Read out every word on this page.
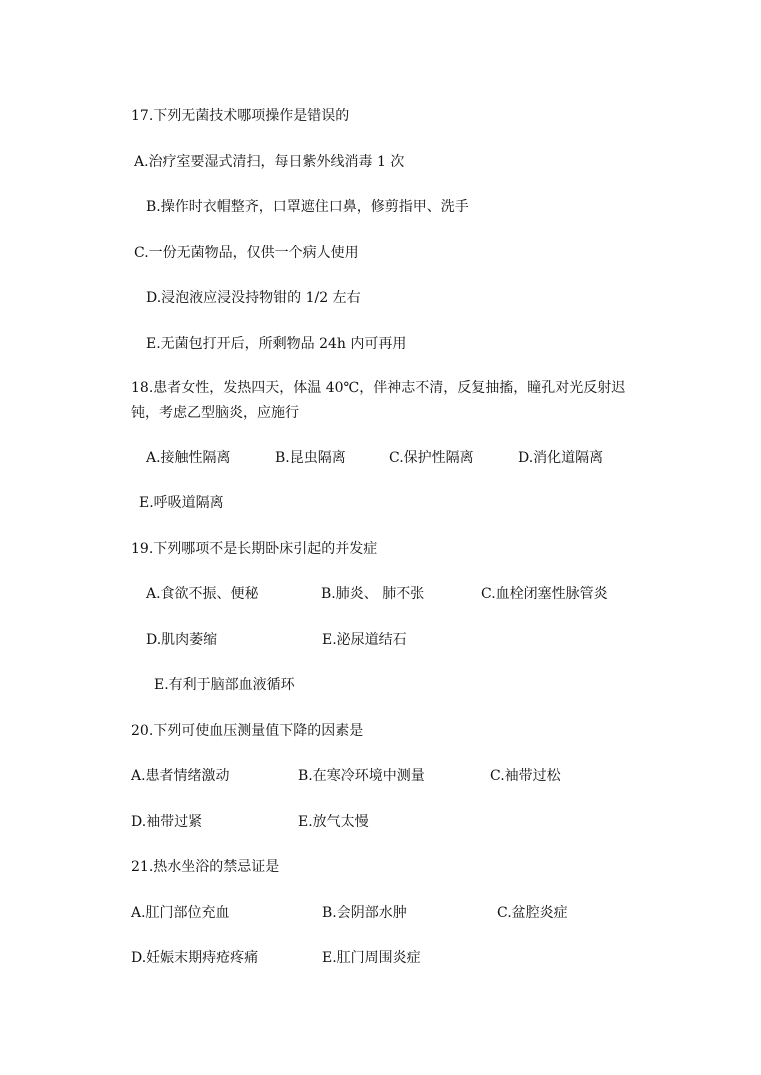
17.下列无菌技术哪项操作是错误的
A.治疗室要湿式清扫，每日紫外线消毒 1 次
B.操作时衣帽整齐，口罩遮住口鼻，修剪指甲、洗手
C.一份无菌物品，仅供一个病人使用
D.浸泡液应浸没持物钳的 1/2 左右
E.无菌包打开后，所剩物品 24h 内可再用
18.患者女性，发热四天，体温 40℃，伴神志不清，反复抽搐，瞳孔对光反射迟钝，考虑乙型脑炎，应施行
A.接触性隔离	B.昆虫隔离	C.保护性隔离	D.消化道隔离
E.呼吸道隔离
19.下列哪项不是长期卧床引起的并发症
A.食欲不振、便秘	B.肺炎、 肺不张	C.血栓闭塞性脉管炎
D.肌肉萎缩	E.泌尿道结石
E.有利于脑部血液循环
20.下列可使血压测量值下降的因素是
A.患者情绪激动	B.在寒冷环境中测量	C.袖带过松
D.袖带过紧	E.放气太慢
21.热水坐浴的禁忌证是
A.肛门部位充血	B.会阴部水肿	C.盆腔炎症
D.妊娠末期痔疮疼痛	E.肛门周围炎症
